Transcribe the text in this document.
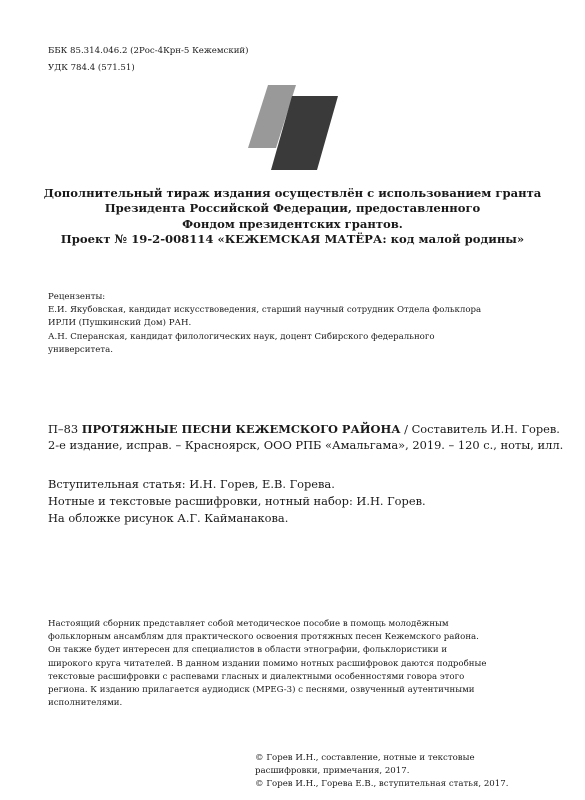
ББК 85.314.046.2 (2Рос-4Крн-5 Кежемский)
УДК 784.4 (571.51)
Дополнительный тираж издания осуществлён с использованием гранта
Президента Российской Федерации, предоставленного
Фондом президентских грантов.
Проект № 19-2-008114 «КЕЖЕМСКАЯ МАТЁРА: код малой родины»
Рецензенты:
Е.И. Якубовская, кандидат искусствоведения, старший научный сотрудник Отдела фольклора
ИРЛИ (Пушкинский Дом) РАН.
А.Н. Сперанская, кандидат филологических наук, доцент Сибирского федерального
университета.
П–83 ПРОТЯЖНЫЕ ПЕСНИ КЕЖЕМСКОГО РАЙОНА / Составитель И.Н. Горев.
2-е издание, исправ. – Красноярск, ООО РПБ «Амальгама», 2019. – 120 с., ноты, илл.
Вступительная статья: И.Н. Горев, Е.В. Горева.
Нотные и текстовые расшифровки, нотный набор: И.Н. Горев.
На обложке рисунок А.Г. Кайманакова.
Настоящий сборник представляет собой методическое пособие в помощь молодёжным
фольклорным ансамблям для практического освоения протяжных песен Кежемского района.
Он также будет интересен для специалистов в области этнографии, фольклористики и
широкого круга читателей. В данном издании помимо нотных расшифровок даются подробные
текстовые расшифровки с распевами гласных и диалектными особенностями говора этого
региона. К изданию прилагается аудиодиск (MPEG-3) с песнями, озвученный аутентичными
исполнителями.
© Горев И.Н., составление, нотные и текстовые
расшифровки, примечания, 2017.
© Горев И.Н., Горева Е.В., вступительная статья, 2017.
